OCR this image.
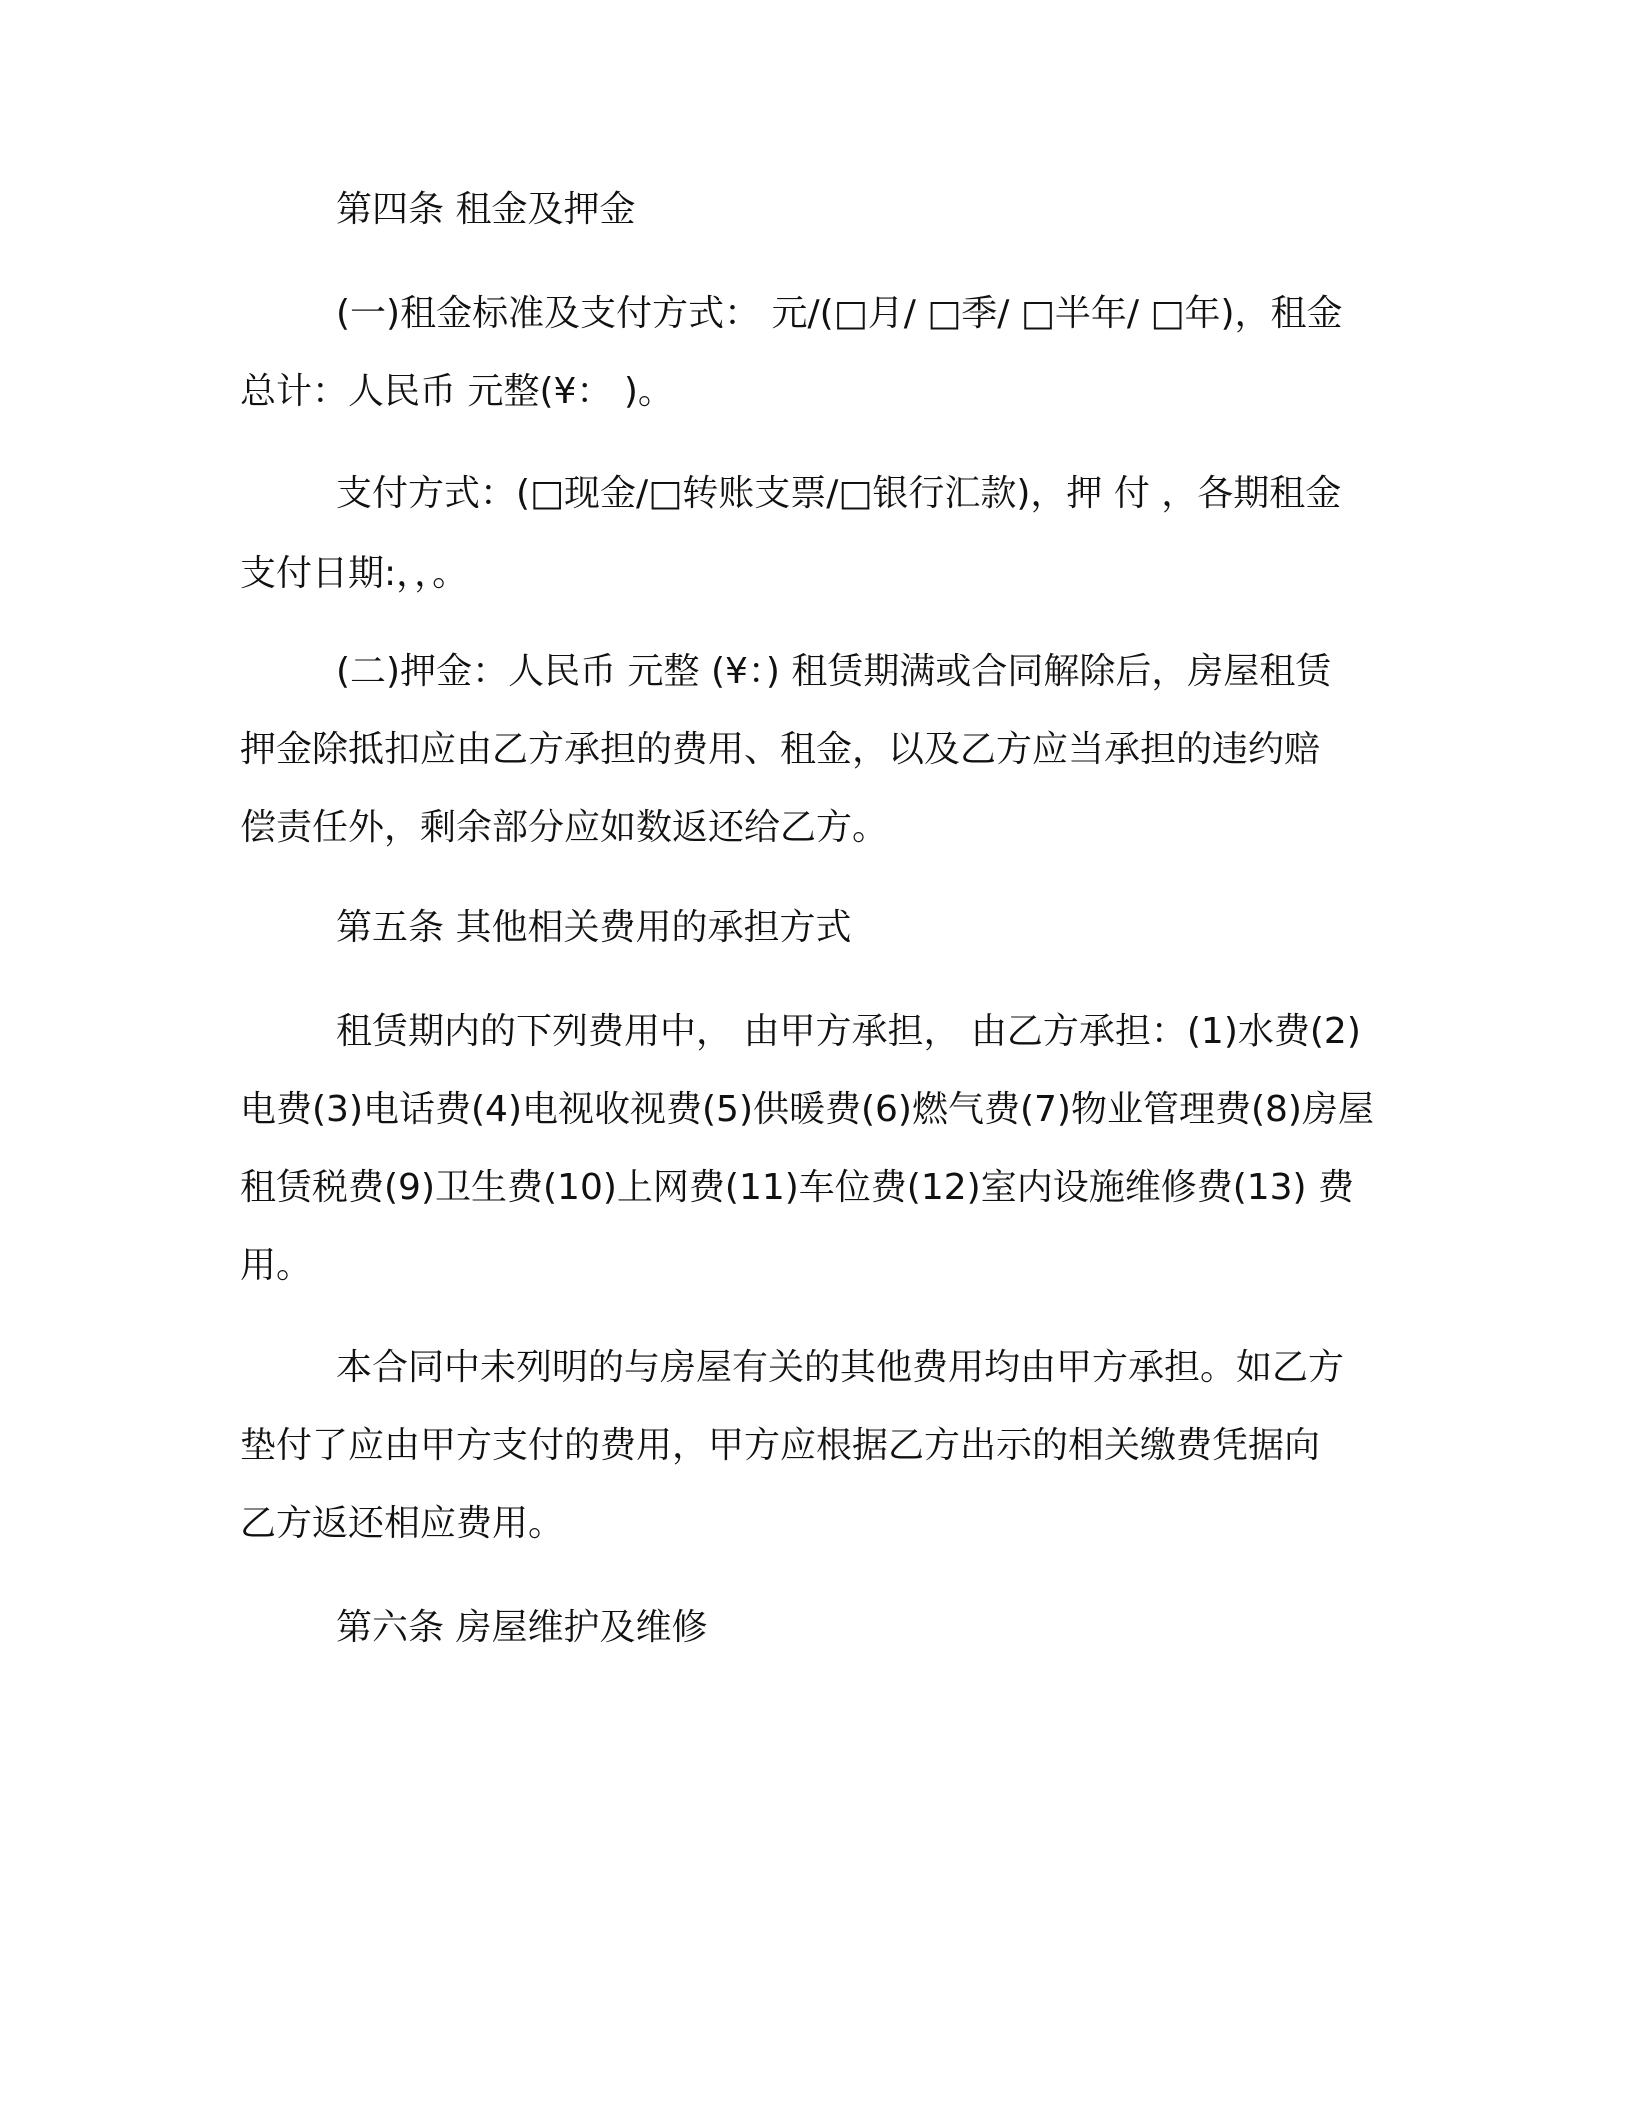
第四条 租金及押金
(一)租金标准及支付方式： 元/(□月/ □季/ □半年/ □年)，租金
总计：人民币 元整(¥： )。
支付方式：(□现金/□转账支票/□银行汇款)，押 付 ，各期租金
支付日期:，，。
(二)押金：人民币 元整 (¥：) 租赁期满或合同解除后，房屋租赁
押金除抵扣应由乙方承担的费用、租金，以及乙方应当承担的违约赔
偿责任外，剩余部分应如数返还给乙方。
第五条 其他相关费用的承担方式
租赁期内的下列费用中， 由甲方承担， 由乙方承担：(1)水费(2)
电费(3)电话费(4)电视收视费(5)供暖费(6)燃气费(7)物业管理费(8)房屋
租赁税费(9)卫生费(10)上网费(11)车位费(12)室内设施维修费(13) 费
用。
本合同中未列明的与房屋有关的其他费用均由甲方承担。如乙方
垫付了应由甲方支付的费用，甲方应根据乙方出示的相关缴费凭据向
乙方返还相应费用。
第六条 房屋维护及维修
